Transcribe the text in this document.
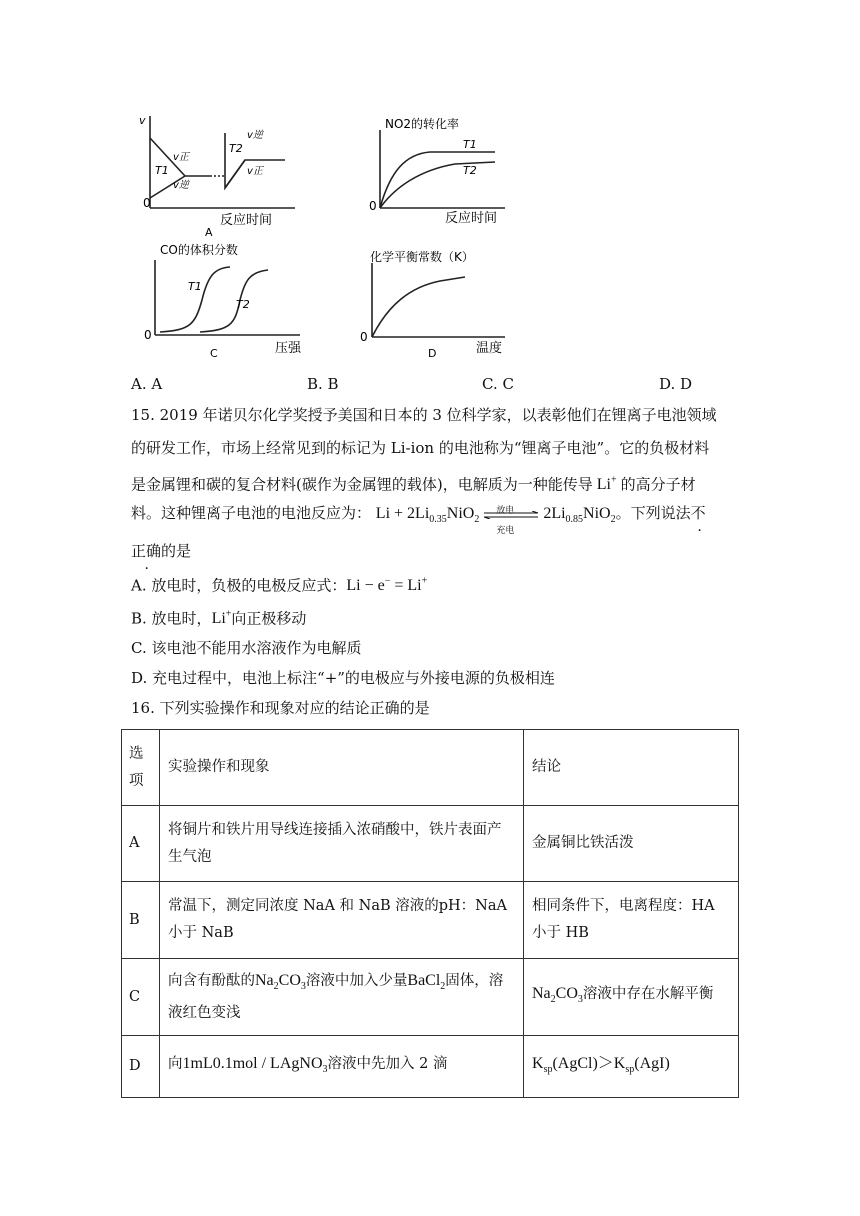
v
v正
v逆
T1
v逆
v正
T2
0
反应时间
A
NO2的转化率
T1
T2
0
反应时间
CO的体积分数
T1
T2
0
压强
C
化学平衡常数（K）
0
温度
D
A. A	B. B	C. C	D. D
15. 2019 年诺贝尔化学奖授予美国和日本的 3 位科学家，以表彰他们在锂离子电池领域
的研发工作，市场上经常见到的标记为 Li-ion 的电池称为“锂离子电池”。它的负极材料
是金属锂和碳的复合材料(碳作为金属锂的载体)，电解质为一种能传导 Li+ 的高分子材
料。这种锂离子电池的电池反应为： $Li + 2Li_{0.35}NiO_2$
放电
充电
$2Li_{0.85}NiO_2$。下列说法不
正确的是
A. 放电时，负极的电极反应式：Li − e− = Li+
B. 放电时，Li+向正极移动
C. 该电池不能用水溶液作为电解质
D. 充电过程中，电池上标注“+”的电极应与外接电源的负极相连
16. 下列实验操作和现象对应的结论正确的是
选项	实验操作和现象	结论
A	将铜片和铁片用导线连接插入浓硝酸中，铁片表面产生气泡	金属铜比铁活泼
B	常温下，测定同浓度 NaA 和 NaB 溶液的pH：NaA 小于 NaB	相同条件下，电离程度：HA 小于 HB
C	向含有酚酞的$Na_2CO_3$溶液中加入少量BaCl$_2$固体，溶液红色变浅	$Na_2CO_3$溶液中存在水解平衡
D	向1mL0.1mol / LAgNO$_3$溶液中先加入 2 滴	$K_{sp}(AgCl)>K_{sp}(AgI)$
